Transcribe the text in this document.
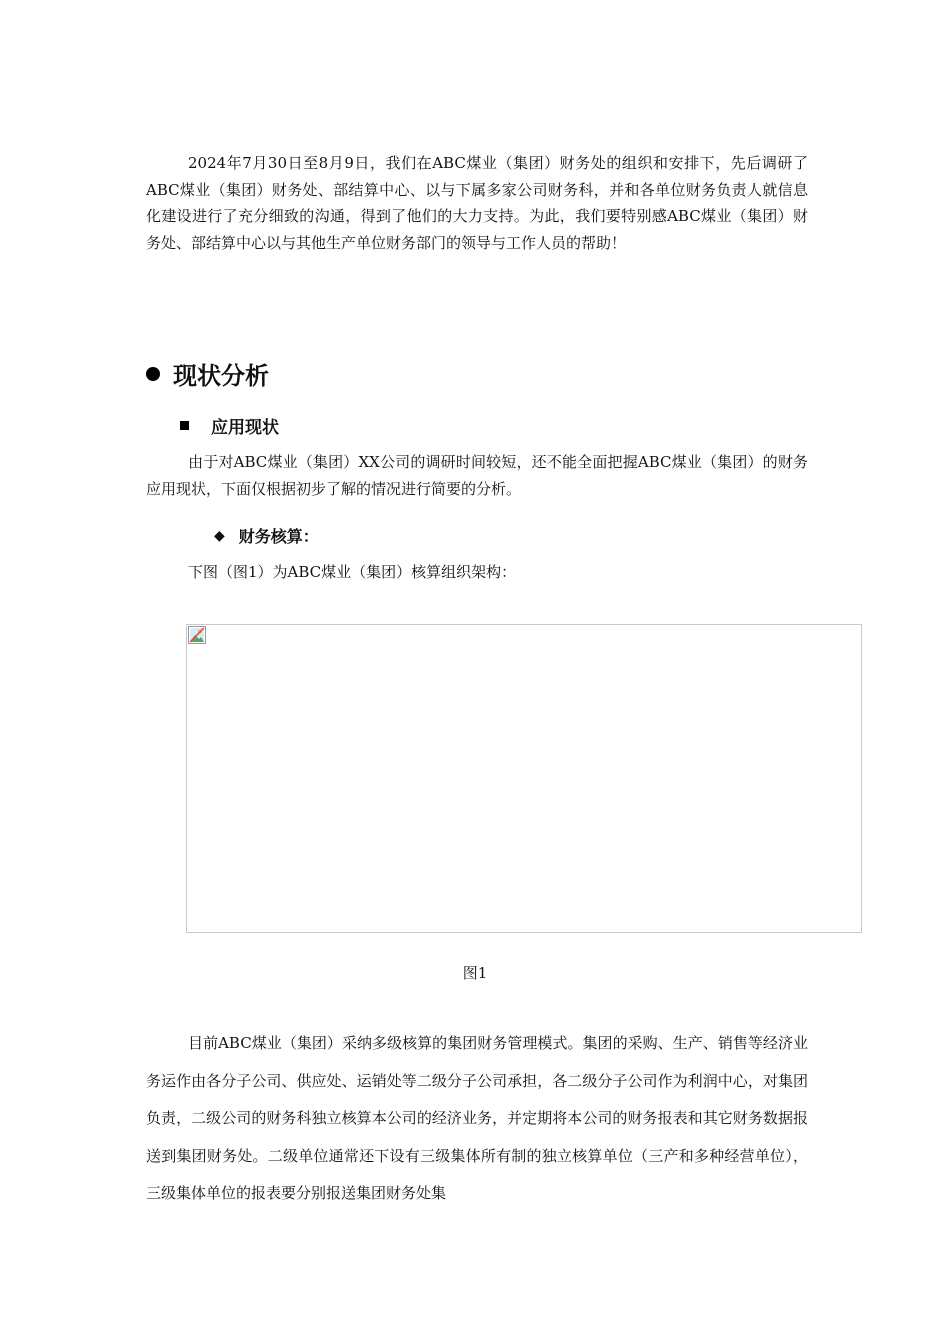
2024年7月30日至8月9日，我们在ABC煤业（集团）财务处的组织和安排下，先后调研了ABC煤业（集团）财务处、部结算中心、以与下属多家公司财务科，并和各单位财务负责人就信息化建设进行了充分细致的沟通，得到了他们的大力支持。为此，我们要特别感ABC煤业（集团）财务处、部结算中心以与其他生产单位财务部门的领导与工作人员的帮助！

现状分析
应用现状

由于对ABC煤业（集团）XX公司的调研时间较短，还不能全面把握ABC煤业（集团）的财务应用现状，下面仅根据初步了解的情况进行简要的分析。

◆ 财务核算：

下图（图1）为ABC煤业（集团）核算组织架构：

图1

目前ABC煤业（集团）采纳多级核算的集团财务管理模式。集团的采购、生产、销售等经济业务运作由各分子公司、供应处、运销处等二级分子公司承担，各二级分子公司作为利润中心，对集团负责，二级公司的财务科独立核算本公司的经济业务，并定期将本公司的财务报表和其它财务数据报送到集团财务处。二级单位通常还下设有三级集体所有制的独立核算单位（三产和多种经营单位），三级集体单位的报表要分别报送集团财务处集
